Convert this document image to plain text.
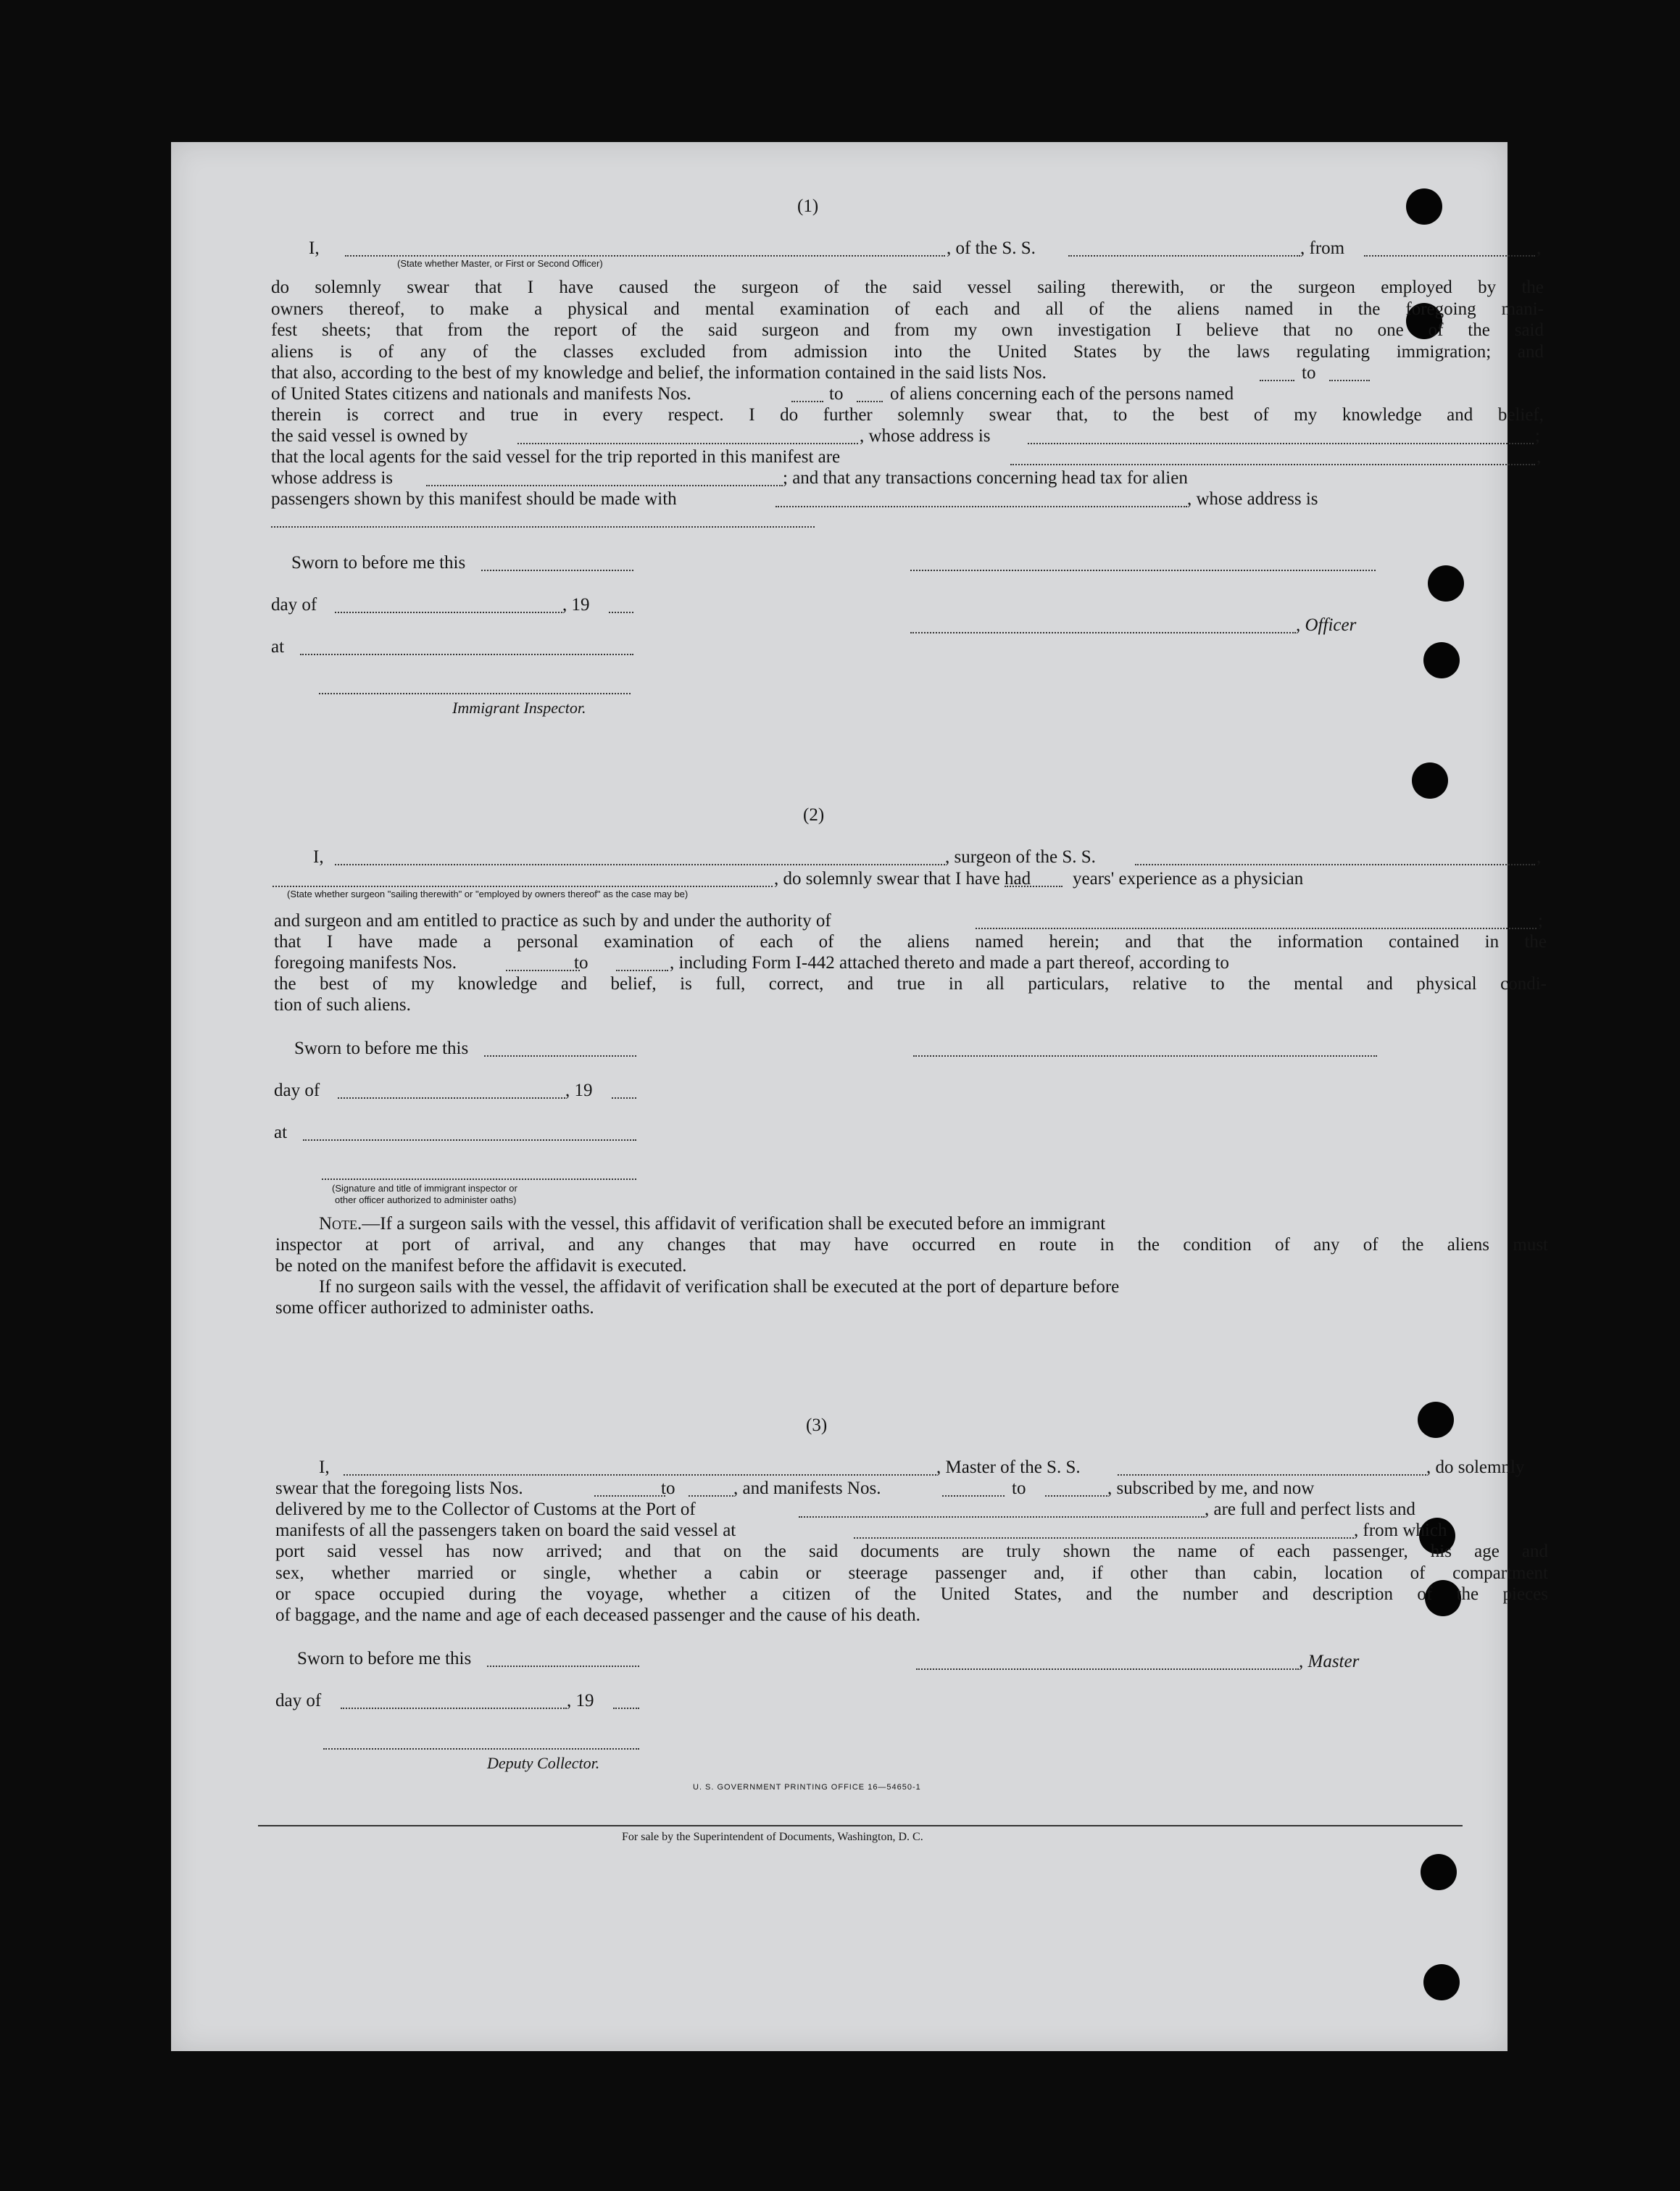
(1)
I,
(State whether Master, or First or Second Officer)
, of the S. S.	, from	,
do solemnly swear that I have caused the surgeon of the said vessel sailing therewith, or the surgeon employed by the
owners thereof, to make a physical and mental examination of each and all of the aliens named in the foregoing mani-
fest sheets; that from the report of the said surgeon and from my own investigation I believe that no one of the said
aliens is of any of the classes excluded from admission into the United States by the laws regulating immigration; and
that also, according to the best of my knowledge and belief, the information contained in the said lists Nos.	to
of United States citizens and nationals and manifests Nos.	to	of aliens concerning each of the persons named
therein is correct and true in every respect. I do further solemnly swear that, to the best of my knowledge and belief,
the said vessel is owned by	, whose address is	;
that the local agents for the said vessel for the trip reported in this manifest are	,
whose address is	; and that any transactions concerning head tax for alien
passengers shown by this manifest should be made with	, whose address is
Sworn to before me this
day of	, 19
, Officer
at
Immigrant Inspector.
(2)
I,	, surgeon of the S. S.	,
, do solemnly swear that I have had years' experience as a physician
(State whether surgeon "sailing therewith" or "employed by owners thereof" as the case may be)
and surgeon and am entitled to practice as such by and under the authority of	;
that I have made a personal examination of each of the aliens named herein; and that the information contained in the
foregoing manifests Nos.	to	, including Form I-442 attached thereto and made a part thereof, according to
the best of my knowledge and belief, is full, correct, and true in all particulars, relative to the mental and physical condi-
tion of such aliens.
Sworn to before me this
day of	, 19
at
(Signature and title of immigrant inspector or
other officer authorized to administer oaths)
Note.—If a surgeon sails with the vessel, this affidavit of verification shall be executed before an immigrant
inspector at port of arrival, and any changes that may have occurred en route in the condition of any of the aliens must
be noted on the manifest before the affidavit is executed.
If no surgeon sails with the vessel, the affidavit of verification shall be executed at the port of departure before
some officer authorized to administer oaths.
(3)
I,	, Master of the S. S.	, do solemnly
swear that the foregoing lists Nos.	to	, and manifests Nos.	to	, subscribed by me, and now
delivered by me to the Collector of Customs at the Port of	, are full and perfect lists and
manifests of all the passengers taken on board the said vessel at	, from which
port said vessel has now arrived; and that on the said documents are truly shown the name of each passenger, his age and
sex, whether married or single, whether a cabin or steerage passenger and, if other than cabin, location of compartment
or space occupied during the voyage, whether a citizen of the United States, and the number and description of the pieces
of baggage, and the name and age of each deceased passenger and the cause of his death.
Sworn to before me this	, Master
day of	, 19
Deputy Collector.
U. S. GOVERNMENT PRINTING OFFICE 16—54650-1
For sale by the Superintendent of Documents, Washington, D. C.
